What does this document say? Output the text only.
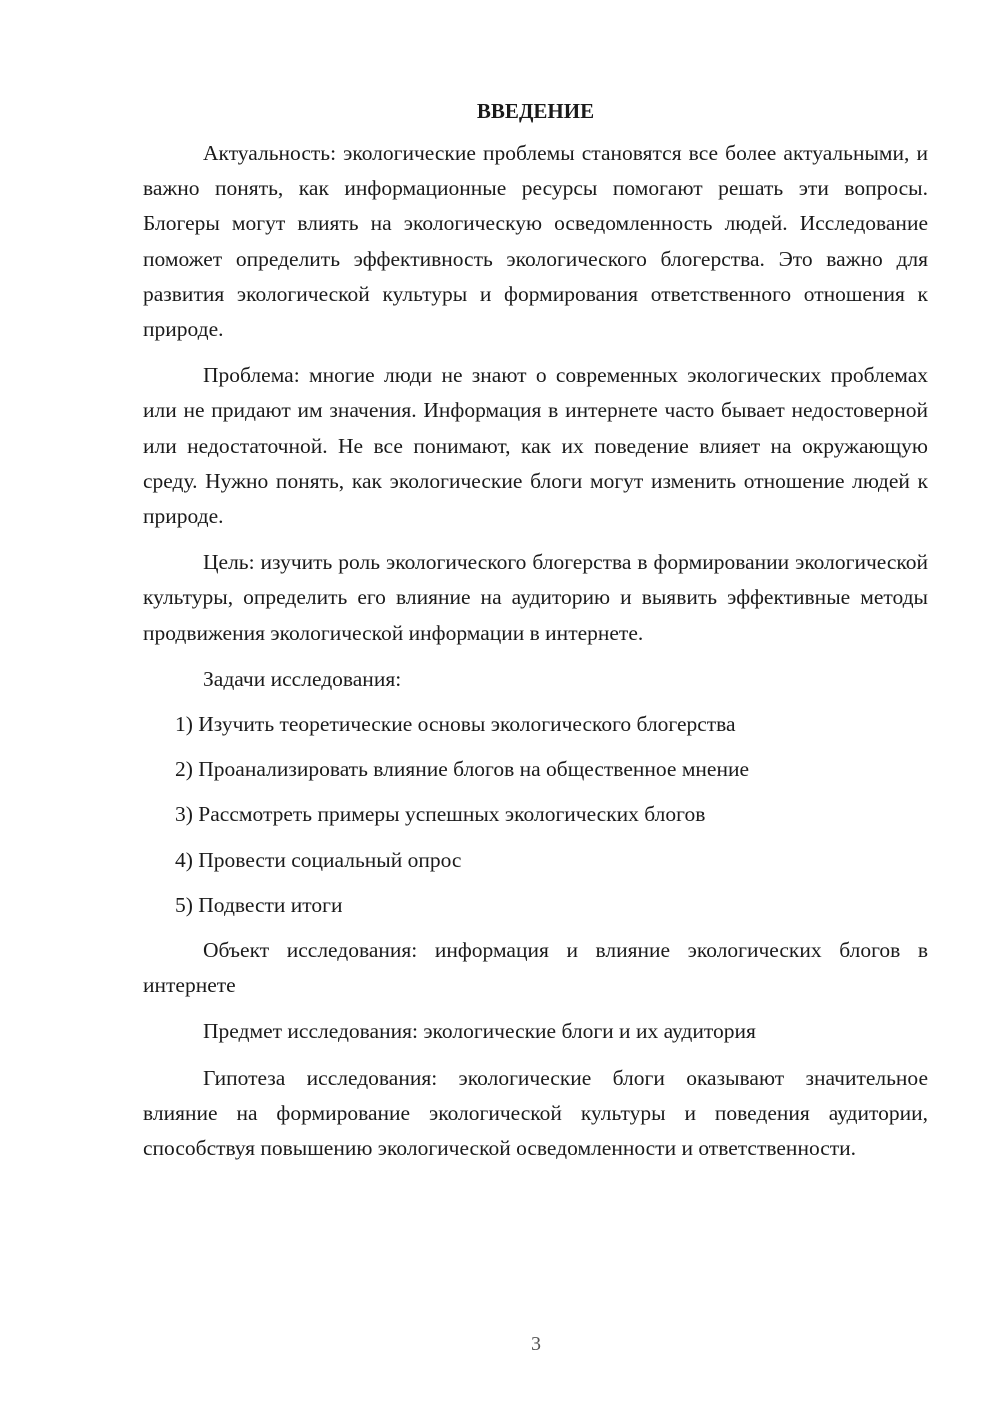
ВВЕДЕНИЕ

Актуальность: экологические проблемы становятся все более актуальными, и важно понять, как информационные ресурсы помогают решать эти вопросы. Блогеры могут влиять на экологическую осведомленность людей. Исследование поможет определить эффективность экологического блогерства. Это важно для развития экологической культуры и формирования ответственного отношения к природе.

Проблема: многие люди не знают о современных экологических проблемах или не придают им значения. Информация в интернете часто бывает недостоверной или недостаточной. Не все понимают, как их поведение влияет на окружающую среду. Нужно понять, как экологические блоги могут изменить отношение людей к природе.

Цель: изучить роль экологического блогерства в формировании экологической культуры, определить его влияние на аудиторию и выявить эффективные методы продвижения экологической информации в интернете.

Задачи исследования:

1) Изучить теоретические основы экологического блогерства
2) Проанализировать влияние блогов на общественное мнение
3) Рассмотреть примеры успешных экологических блогов
4) Провести социальный опрос
5) Подвести итоги

Объект исследования: информация и влияние экологических блогов в интернете

Предмет исследования: экологические блоги и их аудитория

Гипотеза исследования: экологические блоги оказывают значительное влияние на формирование экологической культуры и поведения аудитории, способствуя повышению экологической осведомленности и ответственности.

3
